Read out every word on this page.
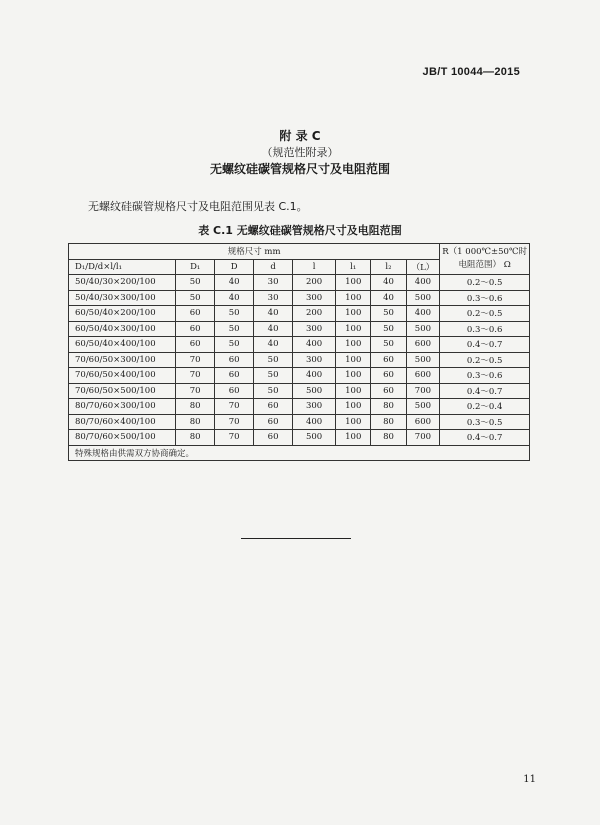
JB/T 10044—2015
附 录 C
（规范性附录）
无螺纹硅碳管规格尺寸及电阻范围
无螺纹硅碳管规格尺寸及电阻范围见表 C.1。
表 C.1 无螺纹硅碳管规格尺寸及电阻范围
规格尺寸 mm								R（1 000℃±50℃时
电阻范围） Ω

D₁/D/d×l/l₁	D₁	D	d	l	l₁	l₂	（L）	
50/40/30×200/100	50	40	30	200	100	40	400	0.2～0.5
50/40/30×300/100	50	40	30	300	100	40	500	0.3～0.6
60/50/40×200/100	60	50	40	200	100	50	400	0.2～0.5
60/50/40×300/100	60	50	40	300	100	50	500	0.3～0.6
60/50/40×400/100	60	50	40	400	100	50	600	0.4～0.7
70/60/50×300/100	70	60	50	300	100	60	500	0.2～0.5
70/60/50×400/100	70	60	50	400	100	60	600	0.3～0.6
70/60/50×500/100	70	60	50	500	100	60	700	0.4～0.7
80/70/60×300/100	80	70	60	300	100	80	500	0.2～0.4
80/70/60×400/100	80	70	60	400	100	80	600	0.3～0.5
80/70/60×500/100	80	70	60	500	100	80	700	0.4～0.7
特殊规格由供需双方协商确定。								
11
